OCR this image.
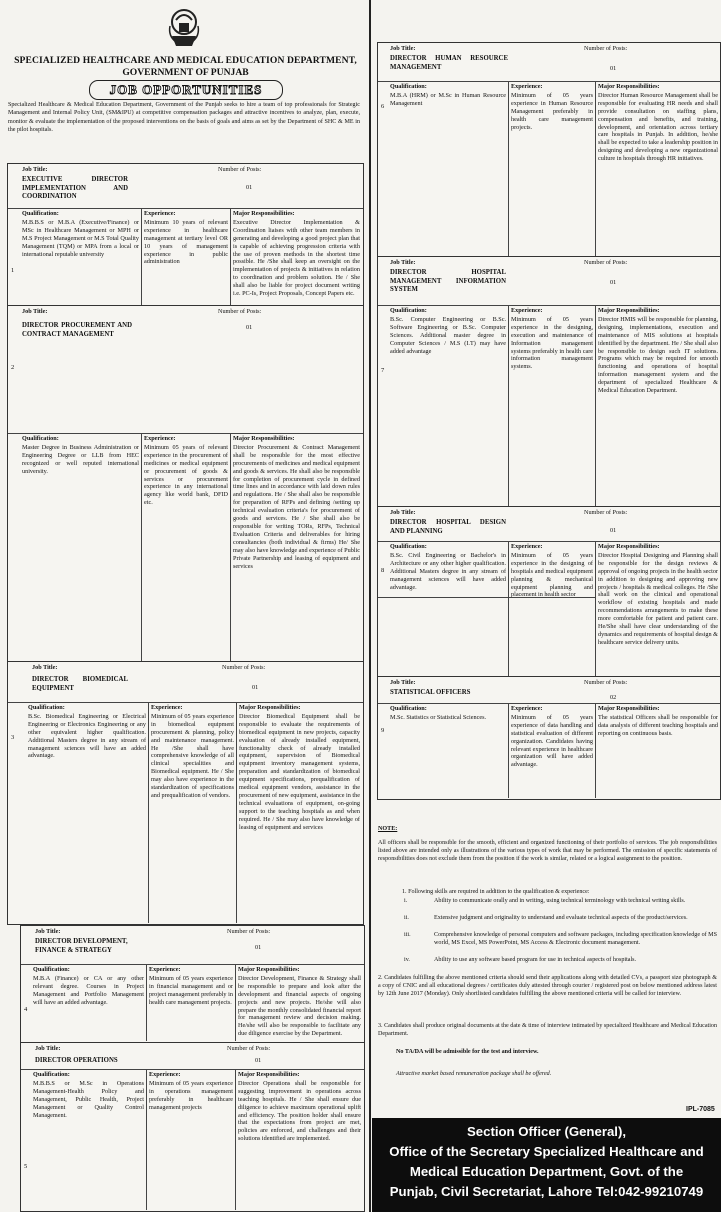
SPECIALIZED HEALTHCARE AND MEDICAL EDUCATION DEPARTMENT,
GOVERNMENT OF PUNJAB
JOB OPPORTUNITIES
Specialized Healthcare & Medical Education Department, Government of the Punjab seeks to hire a team of top professionals for Strategic Management and Internal Policy Unit, (SM&IPU) at competitive compensation packages and attractive incentives to analyze, plan, execute, monitor & evaluate the implementation of the proposed interventions on the basis of goals and aims as set by the Department of SHC & ME in the pilot hospitals.
Job Title:	Number of Posts:
EXECUTIVE DIRECTOR IMPLEMENTATION AND COORDINATION
01
1
Qualification:
M.B.B.S or M.B.A (Executive/Finance) or MSc in Healthcare Management or MPH or M.S Project Management or M.S Total Quality Management (TQM) or MPA from a local or international reputable university
Experience:
Minimum 10 years of relevant experience in healthcare management at tertiary level OR 10 years of management experience in public administration
Major Responsibilities:
Executive Director Implementation & Coordination liaises with other team members in generating and developing a good project plan that is capable of achieving progression criteria with the use of proven methods in the shortest time possible. He /She shall keep an oversight on the implementation of projects & initiatives in relation to coordination and problem solution. He / She shall also be liable for project document writing i.e. PC-Is, Project Proposals, Concept Papers etc.
Job Title:	Number of Posts:
DIRECTOR PROCUREMENT AND CONTRACT MANAGEMENT
01
2
Qualification:
Master Degree in Business Administration or Engineering Degree or LLB from HEC recognized or well reputed international university.
Experience:
Minimum 05 years of relevant experience in the procurement of medicines or medical equipment or procurement of goods & services or procurement experience in any international agency like world bank, DFID etc.
Major Responsibilities:
Director Procurement & Contract Management shall be responsible for the most effective procurements of medicines and medical equipment and goods & services. He shall also be responsible for completion of procurement cycle in defined time lines and in accordance with laid down rules and regulations. He / She shall also be responsible for preparation of RFPs and defining /setting up technical evaluation criteria's for procurement of goods and services. He / She shall also be responsible for writing TORs, RFPs, Technical Evaluation Criteria and deliverables for hiring consultancies (both individual & firms) He/ She may also have knowledge and experience of Public Private Partnership and leasing of equipment and services
Job Title:	Number of Posts:
DIRECTOR BIOMEDICAL EQUIPMENT	01
3
Qualification:
B.Sc. Biomedical Engineering or Electrical Engineering or Electronics Engineering or any other equivalent higher qualification. Additional Masters degree in any stream of management sciences will have an added advantage.
Experience:
Minimum of 05 years experience in biomedical equipment procurement & planning, policy and maintenance management. He /She shall have comprehensive knowledge of all clinical specialities and Biomedical equipment. He / She may also have experience in the standardization of specifications and prequalification of vendors.
Major Responsibilities:
Director Biomedical Equipment shall be responsible to evaluate the requirements of biomedical equipment in new projects, capacity evaluation of already installed equipment, functionality check of already installed equipment, supervision of Biomedical equipment inventory management systems, preparation and standardization of biomedical equipment specifications, prequalification of medical equipment vendors, assistance in the procurement of new equipment, assistance in the technical evaluations of equipment, on-going support to the teaching hospitals as and when required. He / She may also have knowledge of leasing of equipment and services
Job Title:	Number of Posts:
DIRECTOR DEVELOPMENT, FINANCE & STRATEGY	01
4
Qualification:
M.B.A (Finance) or CA or any other relevant degree. Courses in Project Management and Portfolio Management will have an added advantage.
Experience:
Minimum of 05 years experience in financial management and or project management preferably in health care management projects.
Major Responsibilities:
Director Development, Finance & Strategy shall be responsible to prepare and look after the development and financial aspects of ongoing projects and new projects. He/she will also prepare the monthly consolidated financial report for management review and decision making. He/she will also be responsible to facilitate any due diligence exercise by the Department.
Job Title:	Number of Posts:
DIRECTOR OPERATIONS	01
5
Qualification:
M.B.B.S or M.Sc in Operations Management-Health Policy and Management, Public Health, Project Management or Quality Control Management.
Experience:
Minimum of 05 years experience in operations management preferably in healthcare management projects
Major Responsibilities:
Director Operations shall be responsible for suggesting improvement in operations across teaching hospitals. He / She shall ensure due diligence to achieve maximum operational uplift and efficiency. The position holder shall ensure that the expectations from project are met, policies are enforced, and challenges and their solutions identified are implemented.
Job Title:	Number of Posts:
DIRECTOR HUMAN RESOURCE MANAGEMENT	01
6
Qualification:
M.B.A (HRM) or M.Sc in Human Resource Management
Experience:
Minimum of 05 years experience in Human Resource Management preferably in health care management projects.
Major Responsibilities:
Director Human Resource Management shall be responsible for evaluating HR needs and shall provide consultation on staffing plans, compensation and benefits, and training, development, and orientation across tertiary care hospitals in Punjab. In addition, he/she shall be expected to take a leadership position in designing and developing a new organizational culture in hospitals through HR initiatives.
Job Title:	Number of Posts:
DIRECTOR HOSPITAL MANAGEMENT INFORMATION SYSTEM
01
7
Qualification:
B.Sc. Computer Engineering or B.Sc. Software Engineering or B.Sc. Computer Sciences. Additional master degree in Computer Sciences / M.S (I.T) may have added advantage
Experience:
Minimum of 05 years experience in the designing, execution and maintenance of Information management systems preferably in health care information management systems.
Major Responsibilities:
Director HMIS will be responsible for planning, designing, implementations, execution and maintenance of MIS solutions at hospitals identified by the department. He / She shall also be responsible to design such IT solutions. Programs which may be required for smooth functioning and operations of hospital information management system and the department of specialized Healthcare & Medical Education Department.
Job Title:	Number of Posts:
DIRECTOR HOSPITAL DESIGN AND PLANNING	01
8
Qualification:
B.Sc. Civil Engineering or Bachelor's in Architecture or any other higher qualification. Additional Masters degree in any stream of management sciences will have added advantage.
Experience:
Minimum of 05 years experience in the designing of hospitals and medical equipment planning & mechanical equipment planning and placement in health sector
Major Responsibilities:
Director Hospital Designing and Planning shall be responsible for the design reviews & approval of ongoing projects in the health sector in addition to designing and approving new projects / hospitals & medical colleges. He /She shall work on the clinical and operational workflow of existing hospitals and made recommendations arrangements to make these more comfortable for patient and patient care. He/She shall have clear understanding of the dynamics and requirements of hospital design & healthcare service delivery units.
Job Title:	Number of Posts:
STATISTICAL OFFICERS
02
9
Qualification:
M.Sc. Statistics or Statistical Sciences.
Experience:
Minimum of 05 years experience of data handling and statistical evaluation of different organization. Candidates having relevant experience in healthcare organization will have added advantage.
Major Responsibilities:
The statistical Officers shall be responsible for data analysis of different teaching hospitals and reporting on continuous basis.
NOTE:
All officers shall be responsible for the smooth, efficient and organized functioning of their portfolio of services. The job responsibilities listed above are intended only as illustrations of the various types of work that may be performed. The omission of specific statements of responsibilities does not exclude them from the position if the work is similar, related or a logical assignment to the position.
1. Following skills are required in addition to the qualification & experience:
i.	Ability to communicate orally and in writing, using technical terminology with technical writing skills.
ii.	Extensive judgment and originality to understand and evaluate technical aspects of the product/services.
iii.	Comprehensive knowledge of personal computers and software packages, including specification knowledge of MS world, MS Excel, MS PowerPoint, MS Access & Electronic document management.
iv.	Ability to use any software based program for use in technical aspects of hospitals.
2. Candidates fulfilling the above mentioned criteria should send their applications along with detailed CVs, a passport size photograph & a copy of CNIC and all educational degrees / certificates duly attested through courier / registered post on below mentioned address latest by 12th June 2017 (Monday). Only shortlisted candidates fulfilling the above mentioned criteria will be called for interview.
3. Candidates shall produce original documents at the date & time of interview intimated by specialized Healthcare and Medical Education Department.
No TA/DA will be admissible for the test and interview.
Attractive market based remuneration package shall be offered.
IPL-7085
Section Officer (General),
Office of the Secretary Specialized Healthcare and
Medical Education Department, Govt. of the
Punjab, Civil Secretariat, Lahore Tel:042-99210749
